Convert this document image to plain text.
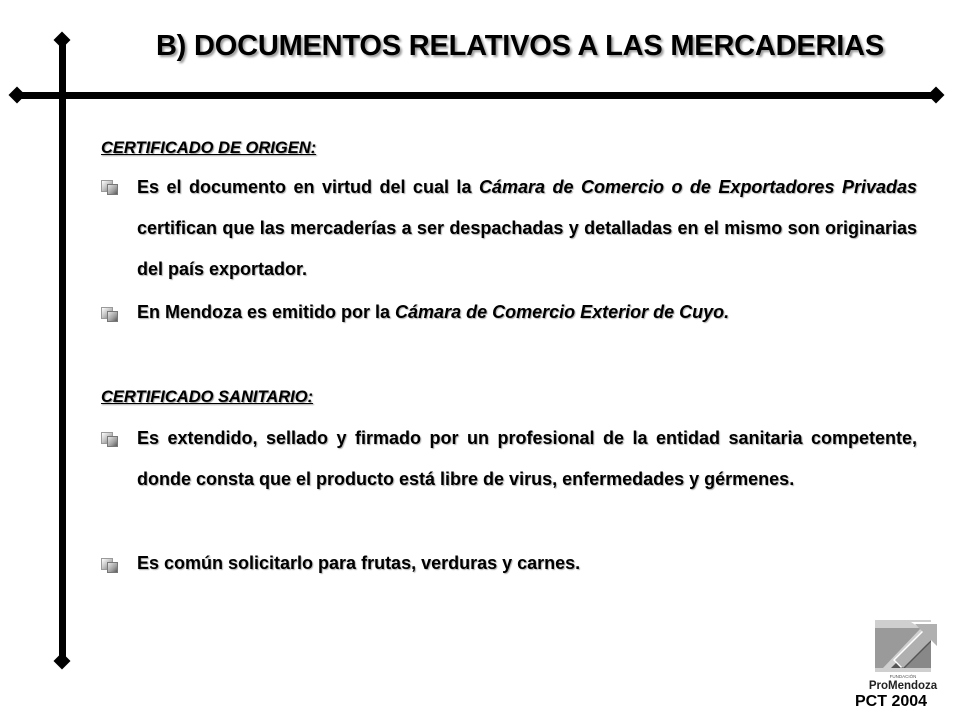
B) DOCUMENTOS RELATIVOS A LAS MERCADERIAS
CERTIFICADO DE ORIGEN:
Es el documento en virtud del cual la Cámara de Comercio o de Exportadores Privadas certifican que las mercaderías a ser despachadas y detalladas en el mismo son originarias del país exportador.
En Mendoza es emitido por la Cámara de Comercio Exterior de Cuyo.
CERTIFICADO SANITARIO:
Es extendido, sellado y firmado por un profesional de la entidad sanitaria competente, donde consta que el producto está libre de virus, enfermedades y gérmenes.
Es común solicitarlo para frutas, verduras y carnes.
FUNDACIÓN
ProMendoza
PCT 2004
